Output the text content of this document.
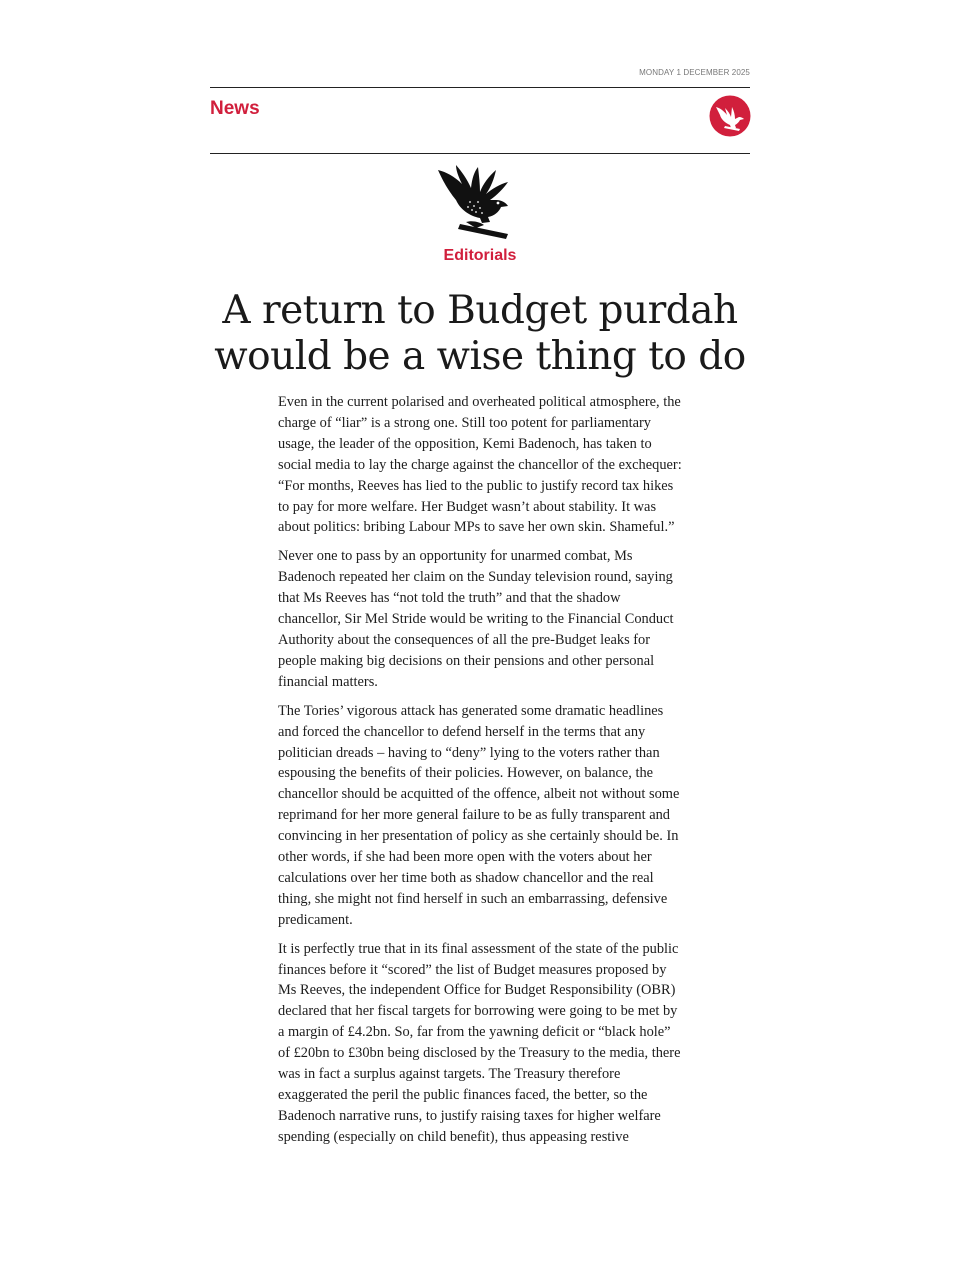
MONDAY 1 DECEMBER 2025
News
Editorials
A return to Budget purdah would be a wise thing to do

Even in the current polarised and overheated political atmosphere, the charge of “liar” is a strong one. Still too potent for parliamentary usage, the leader of the opposition, Kemi Badenoch, has taken to social media to lay the charge against the chancellor of the exchequer: “For months, Reeves has lied to the public to justify record tax hikes to pay for more welfare. Her Budget wasn’t about stability. It was about politics: bribing Labour MPs to save her own skin. Shameful.”

Never one to pass by an opportunity for unarmed combat, Ms Badenoch repeated her claim on the Sunday television round, saying that Ms Reeves has “not told the truth” and that the shadow chancellor, Sir Mel Stride would be writing to the Financial Conduct Authority about the consequences of all the pre-Budget leaks for people making big decisions on their pensions and other personal financial matters.

The Tories’ vigorous attack has generated some dramatic headlines and forced the chancellor to defend herself in the terms that any politician dreads – having to “deny” lying to the voters rather than espousing the benefits of their policies. However, on balance, the chancellor should be acquitted of the offence, albeit not without some reprimand for her more general failure to be as fully transparent and convincing in her presentation of policy as she certainly should be. In other words, if she had been more open with the voters about her calculations over her time both as shadow chancellor and the real thing, she might not find herself in such an embarrassing, defensive predicament.

It is perfectly true that in its final assessment of the state of the public finances before it “scored” the list of Budget measures proposed by Ms Reeves, the independent Office for Budget Responsibility (OBR) declared that her fiscal targets for borrowing were going to be met by a margin of £4.2bn. So, far from the yawning deficit or “black hole” of £20bn to £30bn being disclosed by the Treasury to the media, there was in fact a surplus against targets. The Treasury therefore exaggerated the peril the public finances faced, the better, so the Badenoch narrative runs, to justify raising taxes for higher welfare spending (especially on child benefit), thus appeasing restive
